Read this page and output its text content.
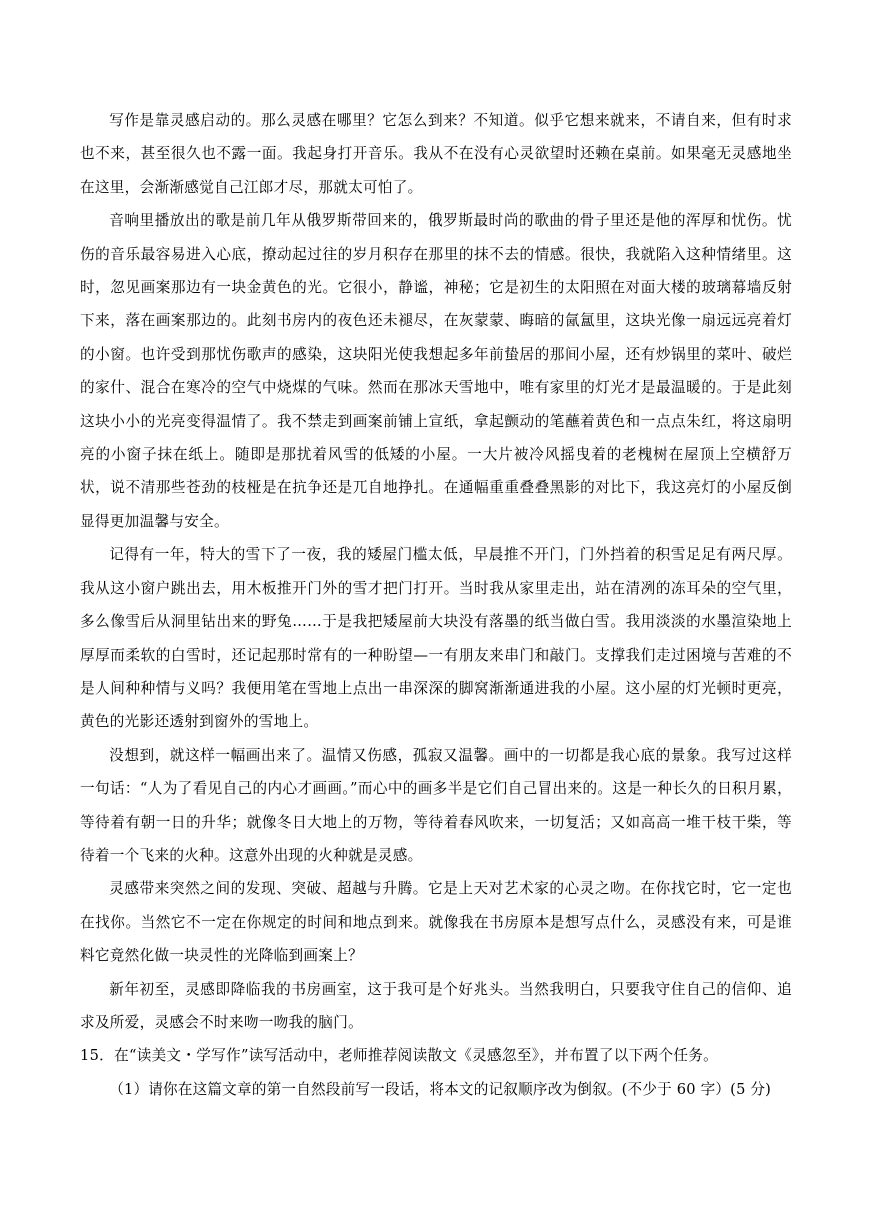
写作是靠灵感启动的。那么灵感在哪里？它怎么到来？不知道。似乎它想来就来，不请自来，但有时求也不来，甚至很久也不露一面。我起身打开音乐。我从不在没有心灵欲望时还赖在桌前。如果毫无灵感地坐在这里，会渐渐感觉自己江郎才尽，那就太可怕了。

音响里播放出的歌是前几年从俄罗斯带回来的，俄罗斯最时尚的歌曲的骨子里还是他的浑厚和忧伤。忧伤的音乐最容易进入心底，撩动起过往的岁月积存在那里的抹不去的情感。很快，我就陷入这种情绪里。这时，忽见画案那边有一块金黄色的光。它很小，静谧，神秘；它是初生的太阳照在对面大楼的玻璃幕墙反射下来，落在画案那边的。此刻书房内的夜色还未褪尽，在灰蒙蒙、晦暗的氤氲里，这块光像一扇远远亮着灯的小窗。也许受到那忧伤歌声的感染，这块阳光使我想起多年前蛰居的那间小屋，还有炒锅里的菜叶、破烂的家什、混合在寒冷的空气中烧煤的气味。然而在那冰天雪地中，唯有家里的灯光才是最温暖的。于是此刻这块小小的光亮变得温情了。我不禁走到画案前铺上宣纸，拿起颤动的笔蘸着黄色和一点点朱红，将这扇明亮的小窗子抹在纸上。随即是那扰着风雪的低矮的小屋。一大片被冷风摇曳着的老槐树在屋顶上空横舒万状，说不清那些苍劲的枝桠是在抗争还是兀自地挣扎。在通幅重重叠叠黑影的对比下，我这亮灯的小屋反倒显得更加温馨与安全。

记得有一年，特大的雪下了一夜，我的矮屋门槛太低，早晨推不开门，门外挡着的积雪足足有两尺厚。我从这小窗户跳出去，用木板推开门外的雪才把门打开。当时我从家里走出，站在清冽的冻耳朵的空气里，多么像雪后从洞里钻出来的野兔……于是我把矮屋前大块没有落墨的纸当做白雪。我用淡淡的水墨渲染地上厚厚而柔软的白雪时，还记起那时常有的一种盼望—一有朋友来串门和敲门。支撑我们走过困境与苦难的不是人间种种情与义吗？我便用笔在雪地上点出一串深深的脚窝渐渐通进我的小屋。这小屋的灯光顿时更亮，黄色的光影还透射到窗外的雪地上。

没想到，就这样一幅画出来了。温情又伤感，孤寂又温馨。画中的一切都是我心底的景象。我写过这样一句话：“人为了看见自己的内心才画画。”而心中的画多半是它们自己冒出来的。这是一种长久的日积月累，等待着有朝一日的升华；就像冬日大地上的万物，等待着春风吹来，一切复活；又如高高一堆干枝干柴，等待着一个飞来的火种。这意外出现的火种就是灵感。

灵感带来突然之间的发现、突破、超越与升腾。它是上天对艺术家的心灵之吻。在你找它时，它一定也在找你。当然它不一定在你规定的时间和地点到来。就像我在书房原本是想写点什么，灵感没有来，可是谁料它竟然化做一块灵性的光降临到画案上？

新年初至，灵感即降临我的书房画室，这于我可是个好兆头。当然我明白，只要我守住自己的信仰、追求及所爱，灵感会不时来吻一吻我的脑门。

15．在“读美文・学写作”读写活动中，老师推荐阅读散文《灵感忽至》，并布置了以下两个任务。

（1）请你在这篇文章的第一自然段前写一段话，将本文的记叙顺序改为倒叙。(不少于 60 字）(5 分)
